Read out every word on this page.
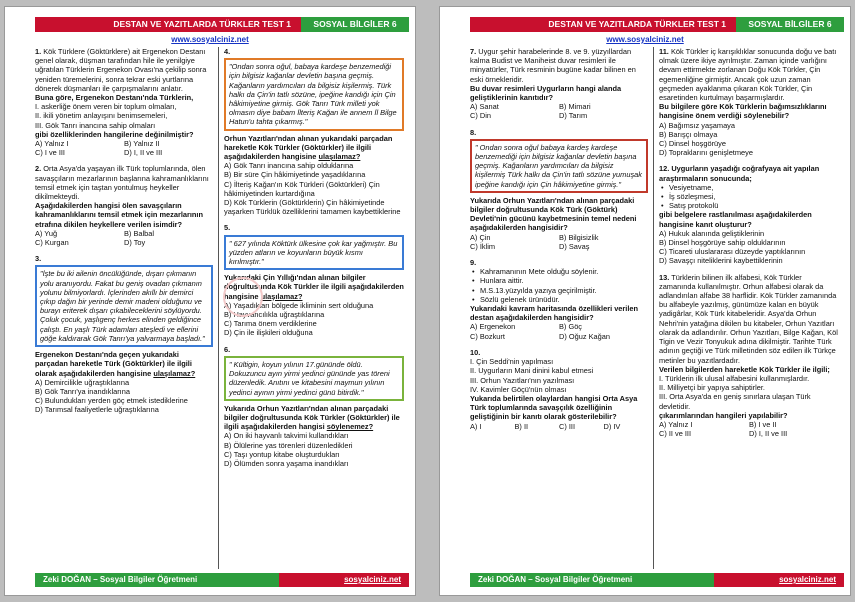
DESTAN VE YAZITLARDA TÜRKLER TEST 1	SOSYAL BİLGİLER 6
www.sosyalciniz.net
1. Kök Türklere (Göktürklere) ait Ergenekon Destanı genel olarak, düşman tarafından hile ile yenilgiye uğratılan Türklerin Ergenekon Ovası'na çekilip sonra yeniden türemelerini, sonra tekrar eski yurtlarına dönerek düşmanları ile çarpışmalarını anlatır.
Buna göre, Ergenekon Destanı'nda Türklerin,
I. askerliğe önem veren bir toplum olmaları,
II. ikili yönetim anlayışını benimsemeleri,
III. Gök Tanrı inancına sahip olmaları
gibi özelliklerinden hangilerine değinilmiştir?
A) Yalnız I	B) Yalnız II
C) I ve III	D) I, II ve III
2. Orta Asya'da yaşayan ilk Türk toplumlarında, ölen savaşçıların mezarlarının başlarına kahramanlıklarını temsil etmek için taştan yontulmuş heykeller dikilmekteydi.
Aşağıdakilerden hangisi ölen savaşçıların kahramanlıklarını temsil etmek için mezarlarının etrafına dikilen heykellere verilen isimdir?
A) Yuğ	B) Balbal
C) Kurgan	D) Toy
3.
"İşte bu iki ailenin öncülüğünde, dışarı çıkmanın yolu aranıyordu. Fakat bu geniş ovadan çıkmanın yolunu bilmiyorlardı. İçlerinden akıllı bir demirci çıkıp dağın bir yerinde demir madeni olduğunu ve burayı eriterek dışarı çıkabileceklerini söylüyordu. Çoluk çocuk, yaşlıgenç herkes elinden geldiğince çalıştı. En yaşlı Türk adamları ateşledi ve ellerini göğe kaldırarak Gök Tanrı'ya yalvarmaya başladı."
Ergenekon Destanı'nda geçen yukarıdaki parçadan hareketle Türk (Göktürkler) ile ilgili olarak aşağıdakilerden hangisine ulaşılamaz?
A) Demircilikle uğraştıklarına
B) Gök Tanrı'ya inandıklarına
C) Bulundukları yerden göç etmek istediklerine
D) Tarımsal faaliyetlerle uğraştıklarına
4.
"Ondan sonra oğul, babaya kardeşe benzemediği için bilgisiz kağanlar devletin başına geçmiş. Kağanların yardımcıları da bilgisiz kişilermiş. Türk halkı da Çin'in tatlı sözüne, ipeğine kandığı için Çin hâkimiyetine girmiş. Gök Tanrı Türk milleti yok olmasın diye babam İlteriş Kağan ile annem İl Bilge Hatun'u tahta çıkarmış."
Orhun Yazıtları'ndan alınan yukarıdaki parçadan hareketle Kök Türkler (Göktürkler) ile ilgili aşağıdakilerden hangisine ulaşılamaz?
A) Gök Tanrı inancına sahip olduklarına
B) Bir süre Çin hâkimiyetinde yaşadıklarına
C) İlteriş Kağan'ın Kök Türkleri (Göktürkleri) Çin hâkimiyetinden kurtardığına
D) Kök Türklerin (Göktürklerin) Çin hâkimiyetinde yaşarken Türklük özelliklerini tamamen kaybettiklerine
5.
" 627 yılında Köktürk ülkesine çok kar yağmıştır. Bu yüzden atların ve koyunların büyük kısmı kırılmıştır."
Yukarıdaki Çin Yıllığı'ndan alınan bilgiler doğrultusunda Kök Türkler ile ilgili aşağıdakilerden hangisine ulaşılamaz?
A) Yaşadıkları bölgede ikliminin sert olduğuna
B) Hayvancılıkla uğraştıklarına
C) Tarıma önem verdiklerine
D) Çin ile ilişkileri olduğuna
6.
" Kültigin, koyun yılının 17.gününde öldü. Dokuzuncu ayın yirmi yedinci gününde yas töreni düzenledik. Anıtını ve kitabesini maymun yılının yedinci ayının yirmi yedinci günü bitirdik."
Yukarıda Orhun Yazıtları'ndan alınan parçadaki bilgiler doğrultusunda Kök Türkler (Göktürkler) ile ilgili aşağıdakilerden hangisi söylenemez?
A) On iki hayvanlı takvimi kullandıkları
B) Ölülerine yas törenleri düzenledikleri
C) Taşı yontup kitabe oluşturdukları
D) Ölümden sonra yaşama inandıkları
Zeki DOĞAN – Sosyal Bilgiler Öğretmeni	sosyalciniz.net
DESTAN VE YAZITLARDA TÜRKLER TEST 1	SOSYAL BİLGİLER 6
www.sosyalciniz.net
7. Uygur şehir harabelerinde 8. ve 9. yüzyıllardan kalma Budist ve Maniheist duvar resimleri ile minyatürler, Türk resminin bugüne kadar bilinen en eski örnekleridir.
Bu duvar resimleri Uygurların hangi alanda geliştiklerinin kanıtıdır?
A) Sanat	B) Mimari
C) Din	D) Tarım
8.
" Ondan sonra oğul babaya kardeş kardeşe benzemediği için bilgisiz kağanlar devletin başına geçmiş. Kağanların yardımcıları da bilgisiz kişilermiş Türk halkı da Çin'in tatlı sözüne yumuşak ipeğine kandığı için Çin hâkimiyetine girmiş."
Yukarıda Orhun Yazıtları'ndan alınan parçadaki bilgiler doğrultusunda Kök Türk (Göktürk) Devleti'nin gücünü kaybetmesinin temel nedeni aşağıdakilerden hangisidir?
A) Çin	B) Bilgisizlik
C) İklim	D) Savaş
9.
• Kahramanının Mete olduğu söylenir.
• Hunlara aittir.
• M.S.13.yüzyılda yazıya geçirilmiştir.
• Sözlü gelenek ürünüdür.
Yukarıdaki kavram haritasında özellikleri verilen destan aşağıdakilerden hangisidir?
A) Ergenekon	B) Göç
C) Bozkurt	D) Oğuz Kağan
10.
I. Çin Seddi'nin yapılması
II. Uygurların Mani dinini kabul etmesi
III. Orhun Yazıtları'nın yazılması
IV. Kavimler Göçü'nün olması
Yukarıda belirtilen olaylardan hangisi Orta Asya Türk toplumlarında savaşçılık özelliğinin geliştiğinin bir kanıtı olarak gösterilebilir?
A) I	B) II	C) III	D) IV
11. Kök Türkler iç karışıklıklar sonucunda doğu ve batı olmak üzere ikiye ayrılmıştır. Zaman içinde varlığını devam ettirmekte zorlanan Doğu Kök Türkler, Çin egemenliğine girmiştir. Ancak çok uzun zaman geçmeden ayaklanma çıkaran Kök Türkler, Çin esaretinden kurtulmayı başarmışlardır.
Bu bilgilere göre Kök Türklerin bağımsızlıklarını hangisine önem verdiği söylenebilir?
A) Bağımsız yaşamaya
B) Barışçı olmaya
C) Dinsel hoşgörüye
D) Topraklarını genişletmeye
12. Uygurların yaşadığı coğrafyaya ait yapılan araştırmaların sonucunda;
• Vesiyetname,
• İş sözleşmesi,
• Satış protokolü
gibi belgelere rastlanılması aşağıdakilerden hangisine kanıt oluşturur?
A) Hukuk alanında geliştiklerinin
B) Dinsel hoşgörüye sahip olduklarının
C) Ticareti uluslararası düzeyde yaptıklarının
D) Savaşçı niteliklerini kaybettiklerinin
13. Türklerin bilinen ilk alfabesi, Kök Türkler zamanında kullanılmıştır. Orhun alfabesi olarak da adlandırılan alfabe 38 harflidir. Kök Türkler zamanında bu alfabeyle yazılmış, günümüze kalan en büyük yadigârlar, Kök Türk kitabeleridir. Asya'da Orhun Nehri'nin yatağına dikilen bu kitabeler, Orhun Yazıtları olarak da adlandırılır. Orhun Yazıtları, Bilge Kağan, Köl Tigin ve Vezir Tonyukuk adına dikilmiştir. Tarihte Türk adının geçtiği ve Türk milletinden söz edilen ilk Türkçe metinler bu yazıtlardadır.
Verilen bilgilerden hareketle Kök Türkler ile ilgili;
I. Türklerin ilk ulusal alfabesini kullanmışlardır.
II. Milliyetçi bir yapıya sahiptirler.
III. Orta Asya'da en geniş sınırlara ulaşan Türk devletidir.
çıkarımlarından hangileri yapılabilir?
A) Yalnız I	B) I ve II
C) II ve III	D) I, II ve III
Zeki DOĞAN – Sosyal Bilgiler Öğretmeni	sosyalciniz.net
